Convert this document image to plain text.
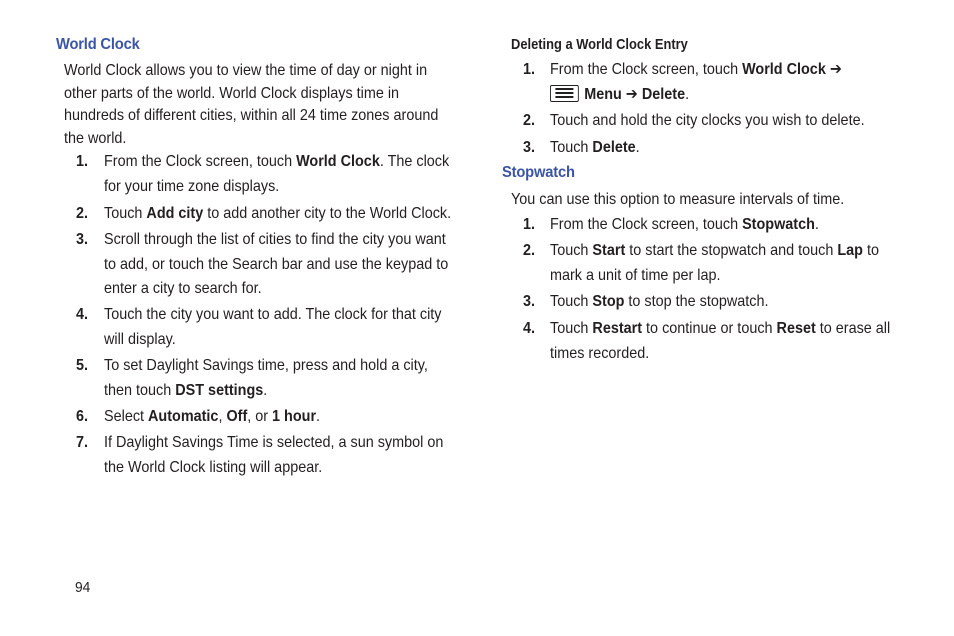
World Clock
World Clock allows you to view the time of day or night in
other parts of the world. World Clock displays time in
hundreds of different cities, within all 24 time zones around
the world.
1. From the Clock screen, touch World Clock. The clock
for your time zone displays.
2. Touch Add city to add another city to the World Clock.
3. Scroll through the list of cities to find the city you want
to add, or touch the Search bar and use the keypad to
enter a city to search for.
4. Touch the city you want to add. The clock for that city
will display.
5. To set Daylight Savings time, press and hold a city,
then touch DST settings.
6. Select Automatic, Off, or 1 hour.
7. If Daylight Savings Time is selected, a sun symbol on
the World Clock listing will appear.
Deleting a World Clock Entry
1. From the Clock screen, touch World Clock ➔
Menu ➔ Delete.
2. Touch and hold the city clocks you wish to delete.
3. Touch Delete.
Stopwatch
You can use this option to measure intervals of time.
1. From the Clock screen, touch Stopwatch.
2. Touch Start to start the stopwatch and touch Lap to
mark a unit of time per lap.
3. Touch Stop to stop the stopwatch.
4. Touch Restart to continue or touch Reset to erase all
times recorded.
94
